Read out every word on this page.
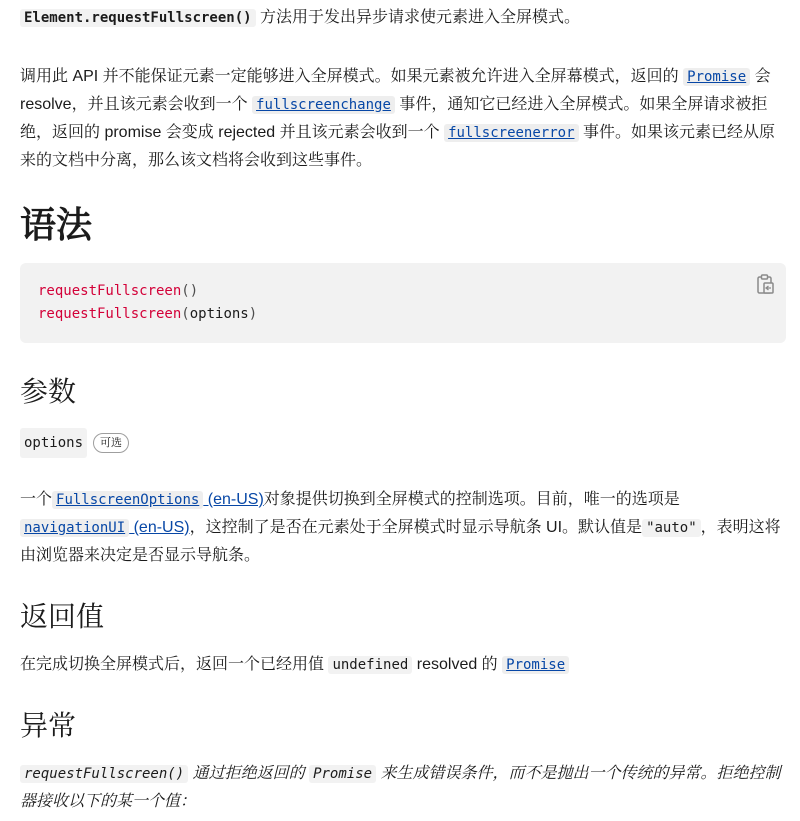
Element.requestFullscreen() 方法用于发出异步请求使元素进入全屏模式。

调用此 API 并不能保证元素一定能够进入全屏模式。如果元素被允许进入全屏幕模式，返回的 Promise 会 resolve，并且该元素会收到一个 fullscreenchange 事件，通知它已经进入全屏模式。如果全屏请求被拒绝，返回的 promise 会变成 rejected 并且该元素会收到一个 fullscreenerror 事件。如果该元素已经从原来的文档中分离，那么该文档将会收到这些事件。

语法
requestFullscreen()
requestFullscreen(options)
参数
options	可选

一个 FullscreenOptions (en-US)对象提供切换到全屏模式的控制选项。目前，唯一的选项是 navigationUI (en-US)，这控制了是否在元素处于全屏模式时显示导航条 UI。默认值是 "auto" ，表明这将由浏览器来决定是否显示导航条。

返回值

在完成切换全屏模式后，返回一个已经用值 undefined resolved 的 Promise

异常

requestFullscreen() 通过拒绝返回的 Promise 来生成错误条件，而不是抛出一个传统的异常。拒绝控制器接收以下的某一个值：
